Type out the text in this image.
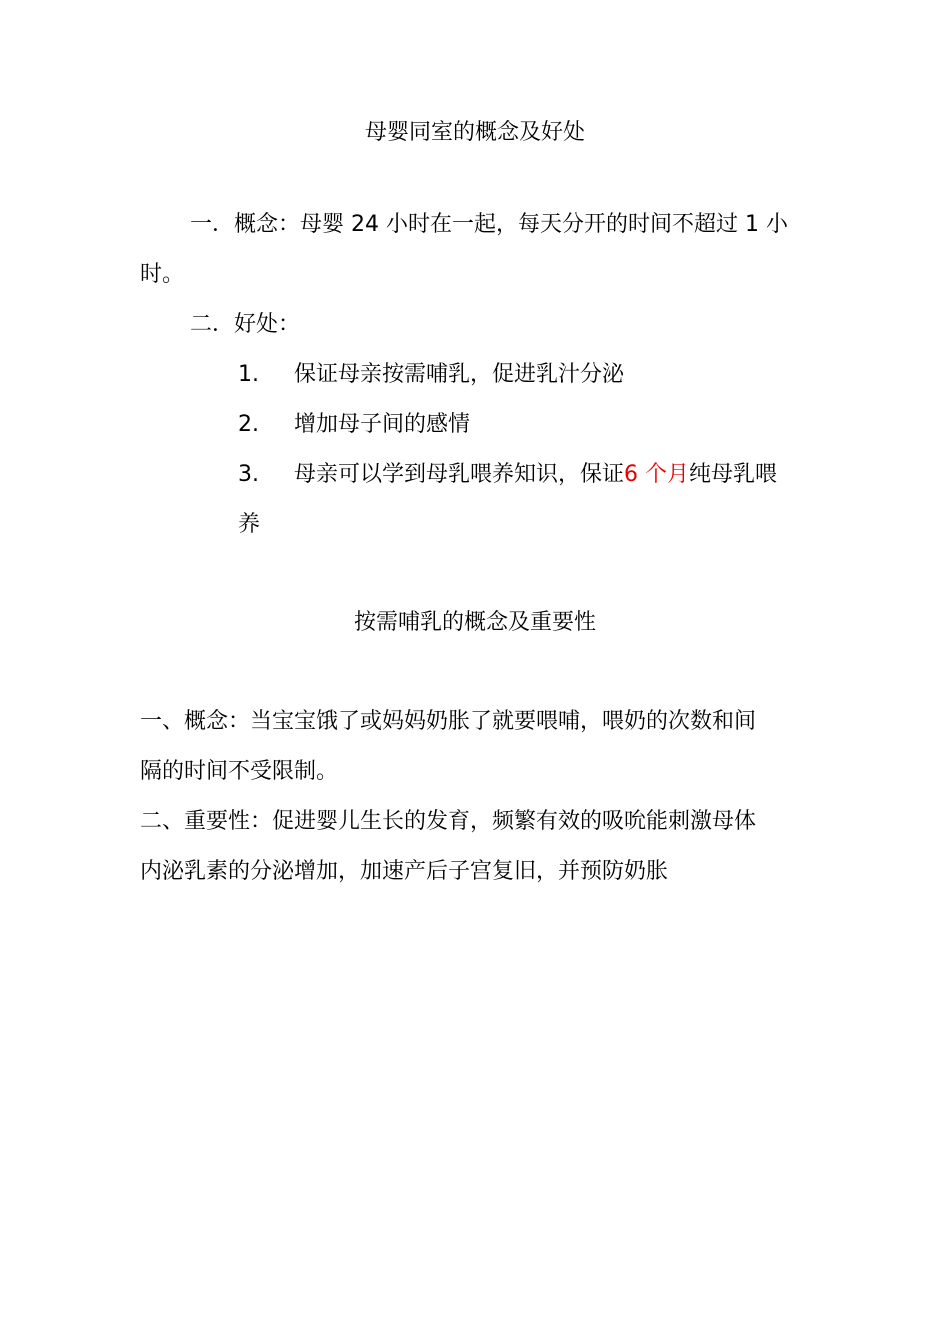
母婴同室的概念及好处
一．概念：母婴 24 小时在一起，每天分开的时间不超过 1 小
时。
二．好处：
1. 保证母亲按需哺乳，促进乳汁分泌
2. 增加母子间的感情
3. 母亲可以学到母乳喂养知识，保证6 个月纯母乳喂
养
按需哺乳的概念及重要性
一、概念：当宝宝饿了或妈妈奶胀了就要喂哺，喂奶的次数和间
隔的时间不受限制。
二、重要性：促进婴儿生长的发育，频繁有效的吸吮能刺激母体
内泌乳素的分泌增加，加速产后子宫复旧，并预防奶胀
